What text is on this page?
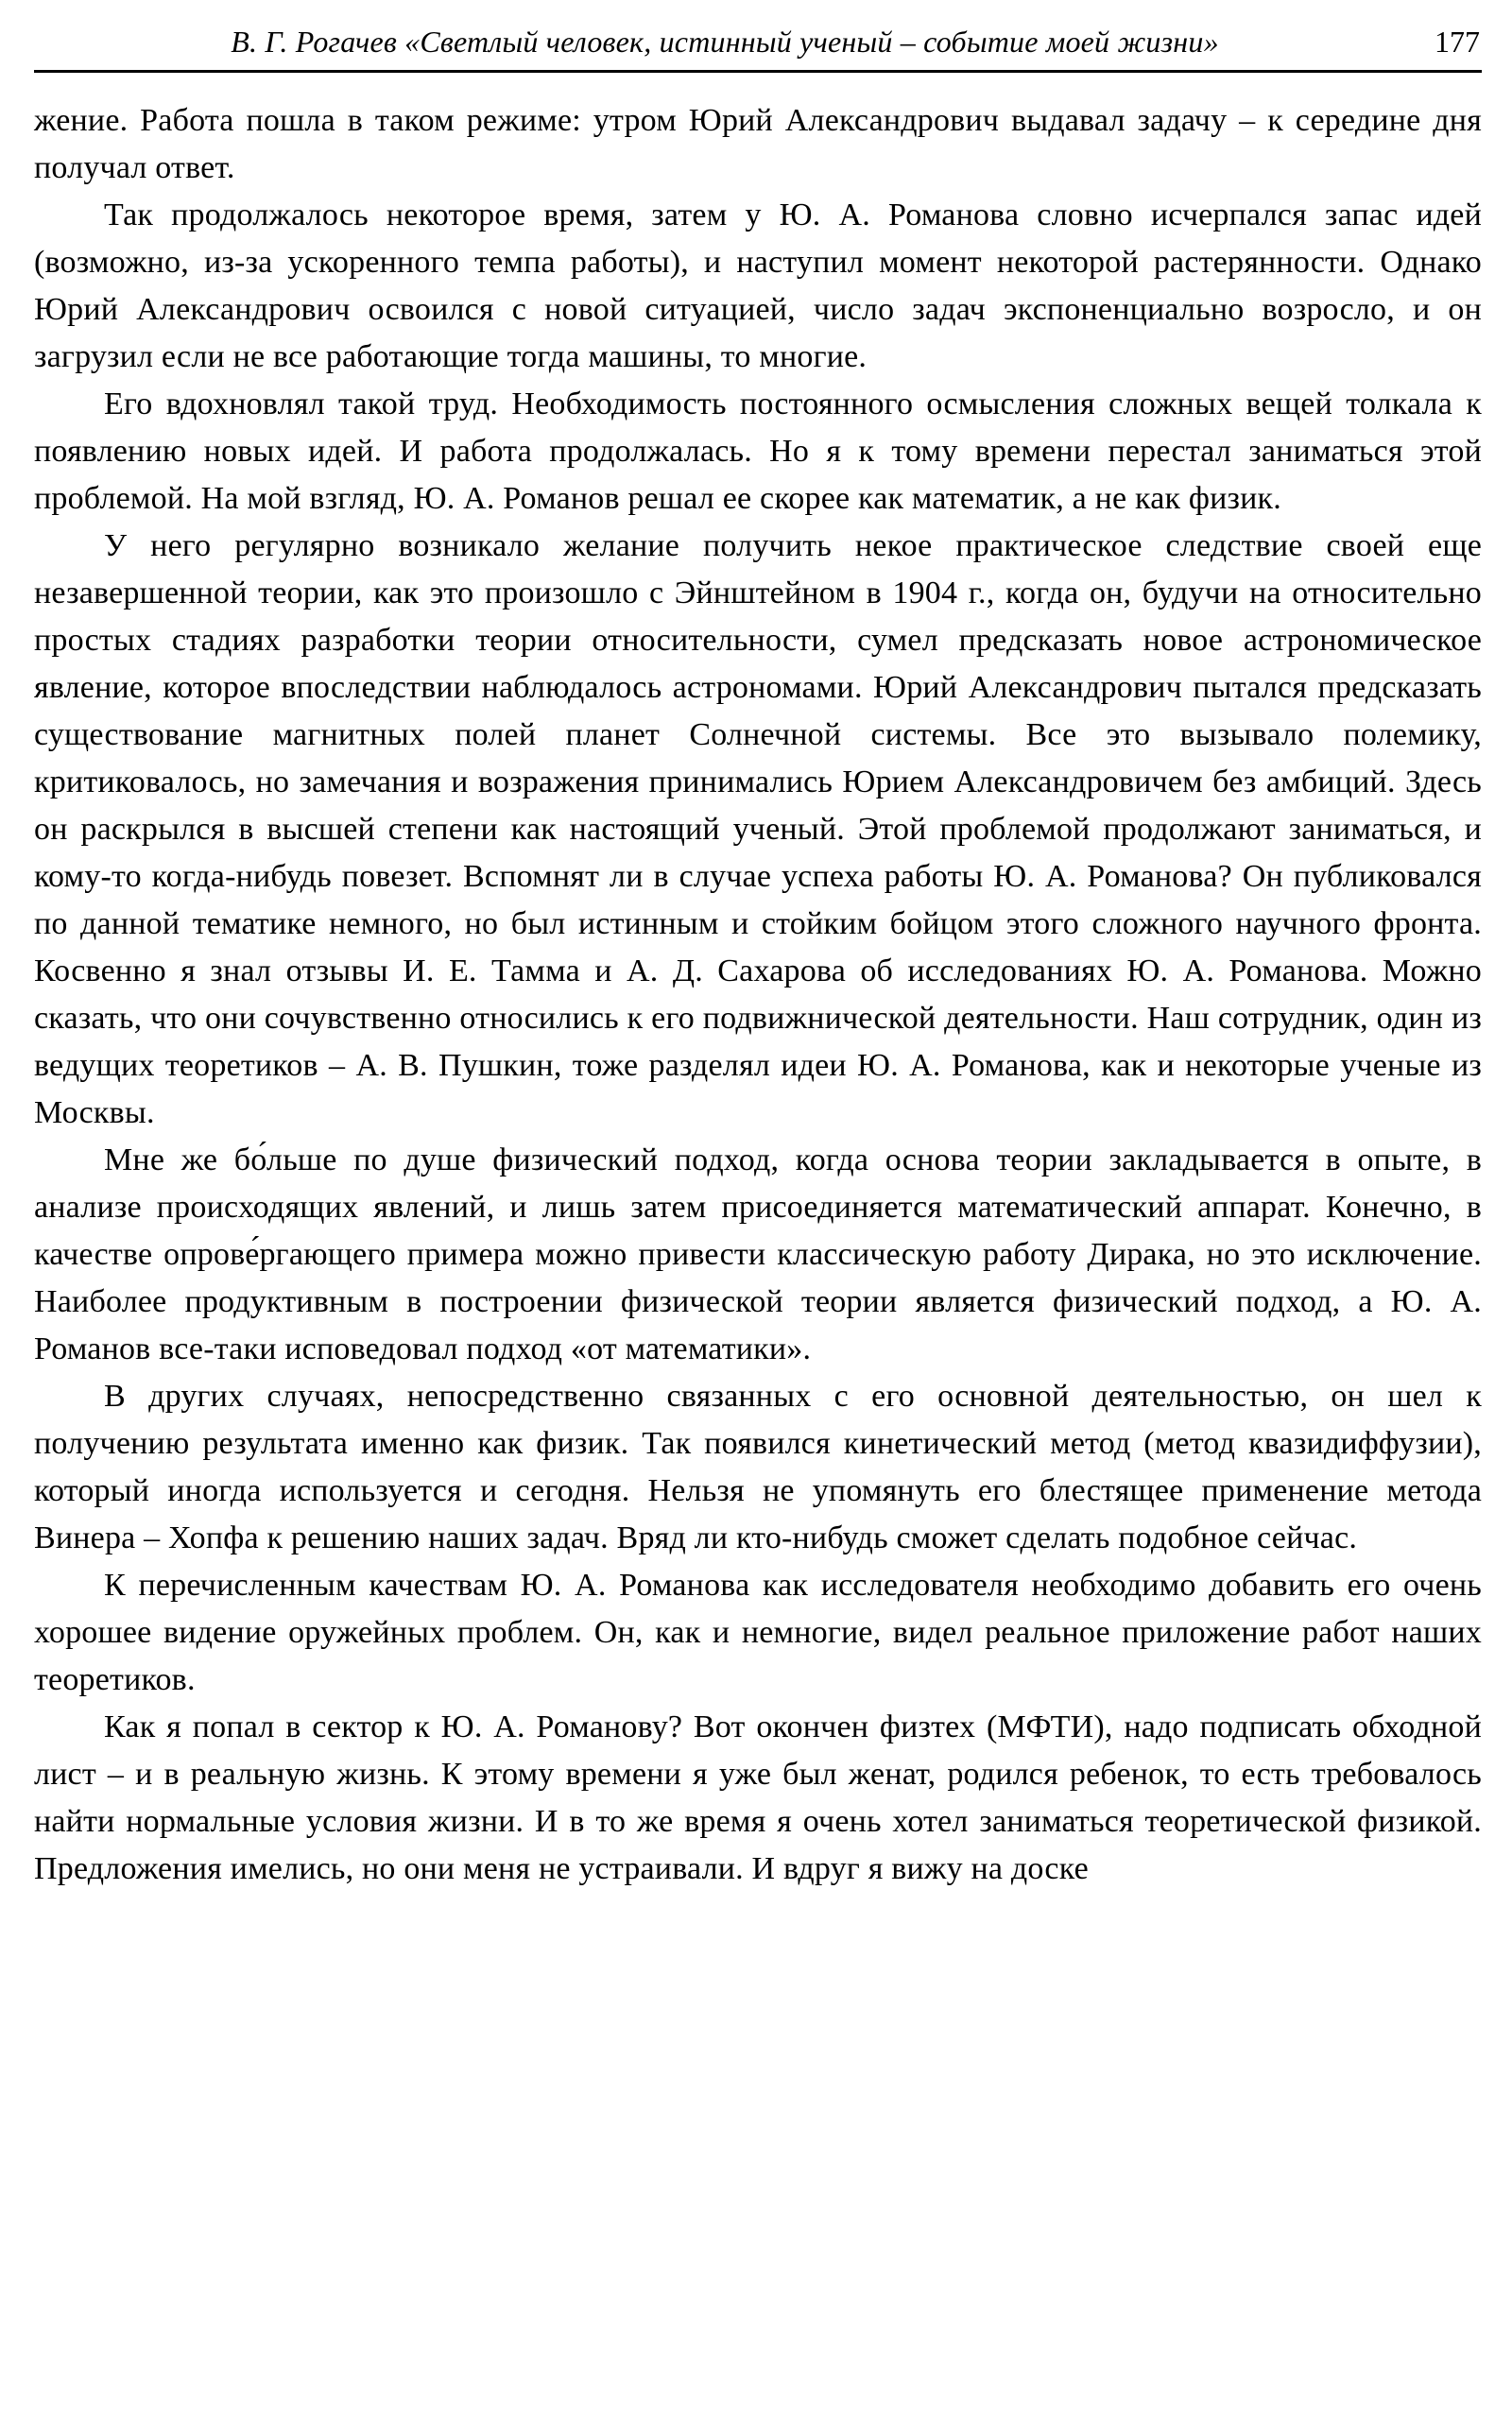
В. Г. Рогачев «Светлый человек, истинный ученый – событие моей жизни»	177

жение. Работа пошла в таком режиме: утром Юрий Александрович выдавал задачу – к середине дня получал ответ.

Так продолжалось некоторое время, затем у Ю. А. Романова словно исчерпался запас идей (возможно, из-за ускоренного темпа работы), и наступил момент некоторой растерянности. Однако Юрий Александрович освоился с новой ситуацией, число задач экспоненциально возросло, и он загрузил если не все работающие тогда машины, то многие.

Его вдохновлял такой труд. Необходимость постоянного осмысления сложных вещей толкала к появлению новых идей. И работа продолжалась. Но я к тому времени перестал заниматься этой проблемой. На мой взгляд, Ю. А. Романов решал ее скорее как математик, а не как физик.

У него регулярно возникало желание получить некое практическое следствие своей еще незавершенной теории, как это произошло с Эйнштейном в 1904 г., когда он, будучи на относительно простых стадиях разработки теории относительности, сумел предсказать новое астрономическое явление, которое впоследствии наблюдалось астрономами. Юрий Александрович пытался предсказать существование магнитных полей планет Солнечной системы. Все это вызывало полемику, критиковалось, но замечания и возражения принимались Юрием Александровичем без амбиций. Здесь он раскрылся в высшей степени как настоящий ученый. Этой проблемой продолжают заниматься, и кому-то когда-нибудь повезет. Вспомнят ли в случае успеха работы Ю. А. Романова? Он публиковался по данной тематике немного, но был истинным и стойким бойцом этого сложного научного фронта. Косвенно я знал отзывы И. Е. Тамма и А. Д. Сахарова об исследованиях Ю. А. Романова. Можно сказать, что они сочувственно относились к его подвижнической деятельности. Наш сотрудник, один из ведущих теоретиков – А. В. Пушкин, тоже разделял идеи Ю. А. Романова, как и некоторые ученые из Москвы.

Мне же бо́льше по душе физический подход, когда основа теории закладывается в опыте, в анализе происходящих явлений, и лишь затем присоединяется математический аппарат. Конечно, в качестве опрове́ргающего примера можно привести классическую работу Дирака, но это исключение. Наиболее продуктивным в построении физической теории является физический подход, а Ю. А. Романов все-таки исповедовал подход «от математики».

В других случаях, непосредственно связанных с его основной деятельностью, он шел к получению результата именно как физик. Так появился кинетический метод (метод квазидиффузии), который иногда используется и сегодня. Нельзя не упомянуть его блестящее применение метода Винера – Хопфа к решению наших задач. Вряд ли кто-нибудь сможет сделать подобное сейчас.

К перечисленным качествам Ю. А. Романова как исследователя необходимо добавить его очень хорошее видение оружейных проблем. Он, как и немногие, видел реальное приложение работ наших теоретиков.

Как я попал в сектор к Ю. А. Романову? Вот окончен физтех (МФТИ), надо подписать обходной лист – и в реальную жизнь. К этому времени я уже был женат, родился ребенок, то есть требовалось найти нормальные условия жизни. И в то же время я очень хотел заниматься теоретической физикой. Предложения имелись, но они меня не устраивали. И вдруг я вижу на доске
